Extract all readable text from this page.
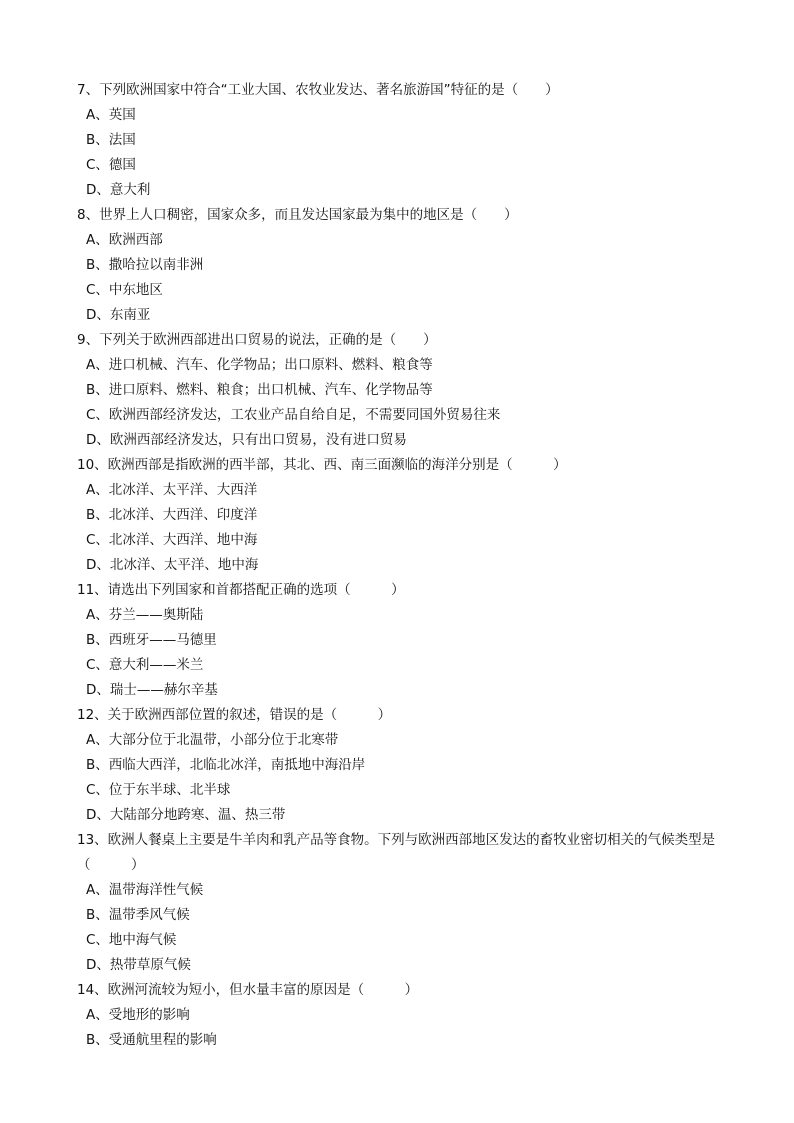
7、下列欧洲国家中符合“工业大国、农牧业发达、著名旅游国”特征的是（　　）
A、英国
B、法国
C、德国
D、意大利
8、世界上人口稠密，国家众多，而且发达国家最为集中的地区是（　　）
A、欧洲西部
B、撒哈拉以南非洲
C、中东地区
D、东南亚
9、下列关于欧洲西部进出口贸易的说法，正确的是（　　）
A、进口机械、汽车、化学物品；出口原料、燃料、粮食等
B、进口原料、燃料、粮食；出口机械、汽车、化学物品等
C、欧洲西部经济发达，工农业产品自给自足，不需要同国外贸易往来
D、欧洲西部经济发达，只有出口贸易，没有进口贸易
10、欧洲西部是指欧洲的西半部，其北、西、南三面濒临的海洋分别是（　　　）
A、北冰洋、太平洋、大西洋
B、北冰洋、大西洋、印度洋
C、北冰洋、大西洋、地中海
D、北冰洋、太平洋、地中海
11、请选出下列国家和首都搭配正确的选项（　　　）
A、芬兰——奥斯陆
B、西班牙——马德里
C、意大利——米兰
D、瑞士——赫尔辛基
12、关于欧洲西部位置的叙述，错误的是（　　　）
A、大部分位于北温带，小部分位于北寒带
B、西临大西洋，北临北冰洋，南抵地中海沿岸
C、位于东半球、北半球
D、大陆部分地跨寒、温、热三带
13、欧洲人餐桌上主要是牛羊肉和乳产品等食物。下列与欧洲西部地区发达的畜牧业密切相关的气候类型是（　　　）
A、温带海洋性气候
B、温带季风气候
C、地中海气候
D、热带草原气候
14、欧洲河流较为短小，但水量丰富的原因是（　　　）
A、受地形的影响
B、受通航里程的影响
